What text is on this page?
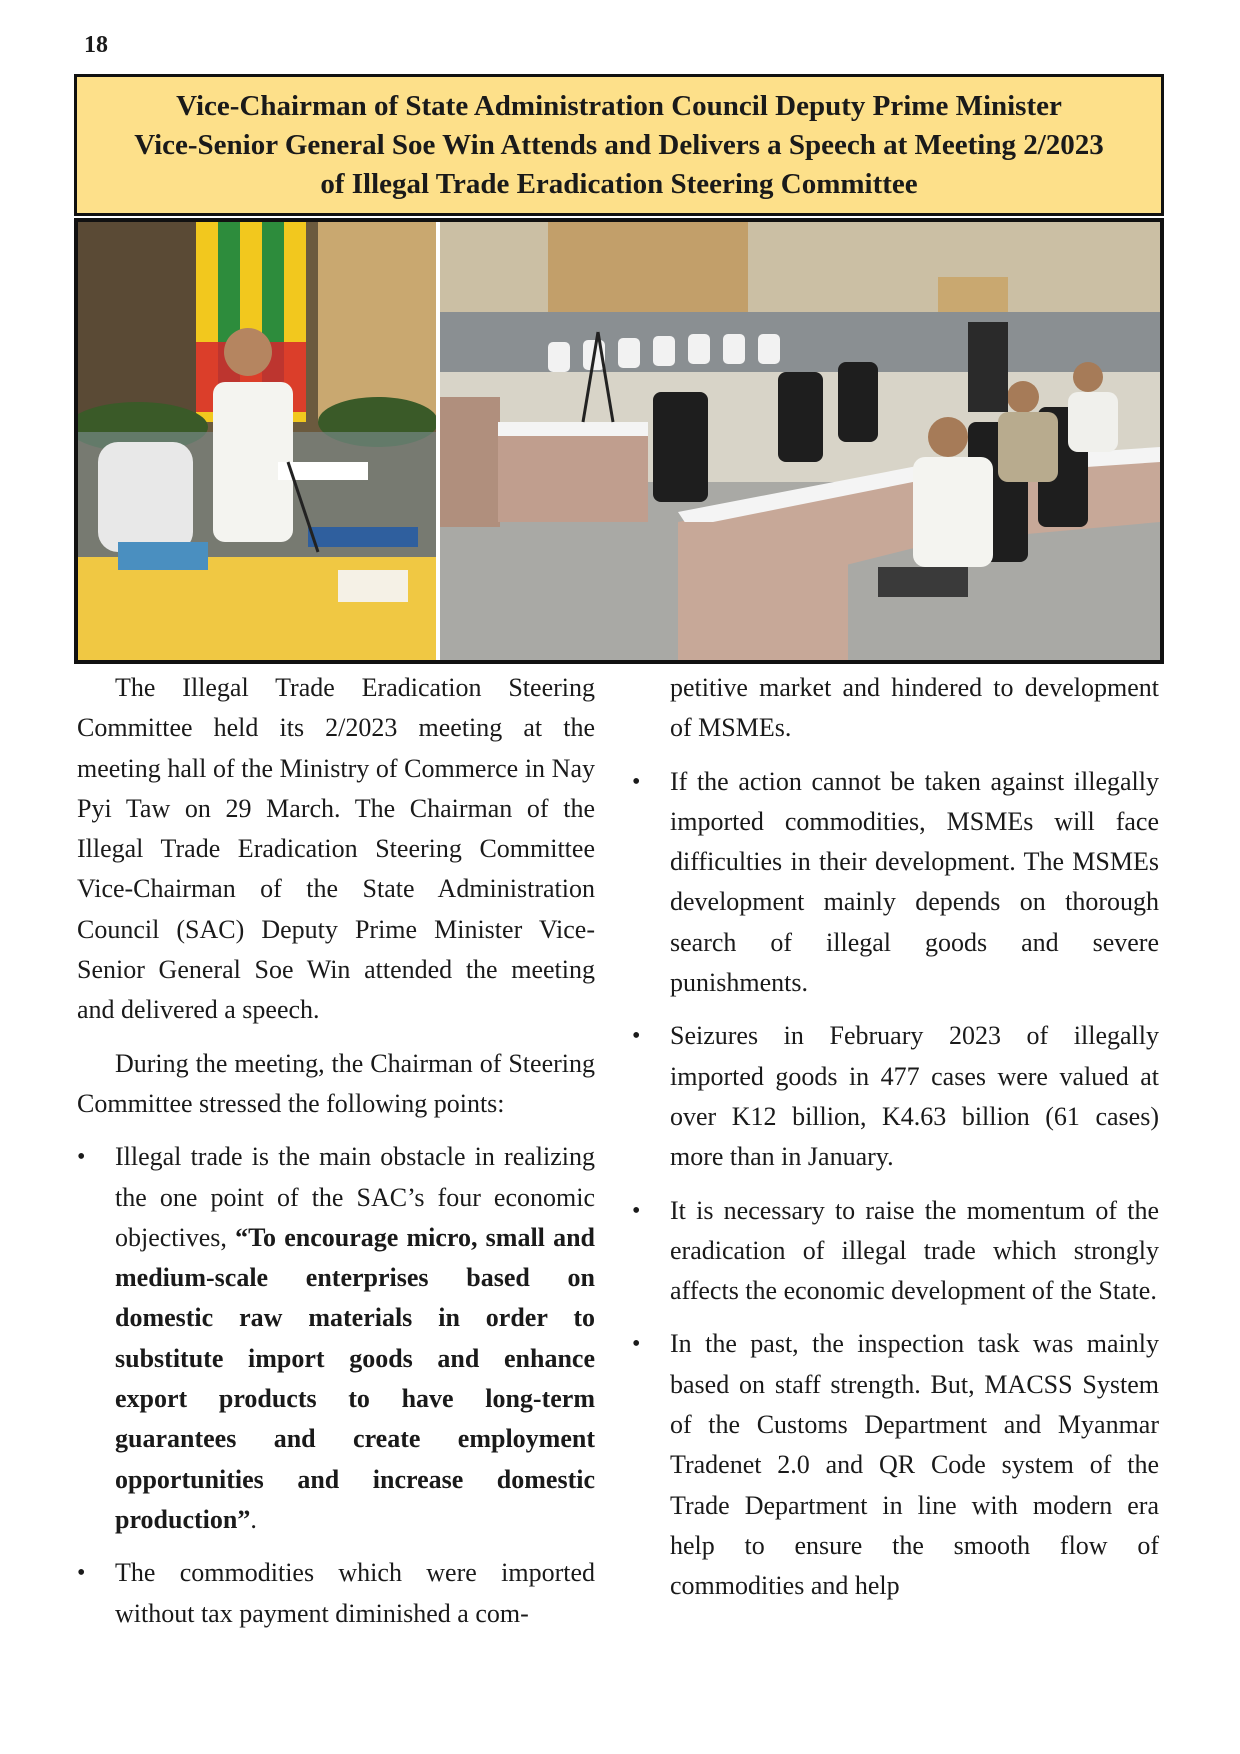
18
Vice-Chairman of State Administration Council Deputy Prime Minister
Vice-Senior General Soe Win Attends and Delivers a Speech at Meeting 2/2023
of Illegal Trade Eradication Steering Committee

The Illegal Trade Eradication Steering Committee held its 2/2023 meeting at the meeting hall of the Ministry of Commerce in Nay Pyi Taw on 29 March. The Chairman of the Illegal Trade Eradication Steering Committee Vice-Chairman of the State Administration Council (SAC) Deputy Prime Minister Vice-Senior General Soe Win attended the meeting and delivered a speech.

During the meeting, the Chairman of Steering Committee stressed the following points:

• Illegal trade is the main obstacle in realizing the one point of the SAC’s four economic objectives, “To encourage micro, small and medium-scale enterprises based on domestic raw materials in order to substitute import goods and enhance export products to have long-term guarantees and create employment opportunities and increase domestic production”.
• The commodities which were imported without tax payment diminished a com-
petitive market and hindered to development of MSMEs.
• If the action cannot be taken against illegally imported commodities, MSMEs will face difficulties in their development. The MSMEs development mainly depends on thorough search of illegal goods and severe punishments.
• Seizures in February 2023 of illegally imported goods in 477 cases were valued at over K12 billion, K4.63 billion (61 cases) more than in January.
• It is necessary to raise the momentum of the eradication of illegal trade which strongly affects the economic development of the State.
• In the past, the inspection task was mainly based on staff strength. But, MACSS System of the Customs Department and Myanmar Tradenet 2.0 and QR Code system of the Trade Department in line with modern era help to ensure the smooth flow of commodities and help
